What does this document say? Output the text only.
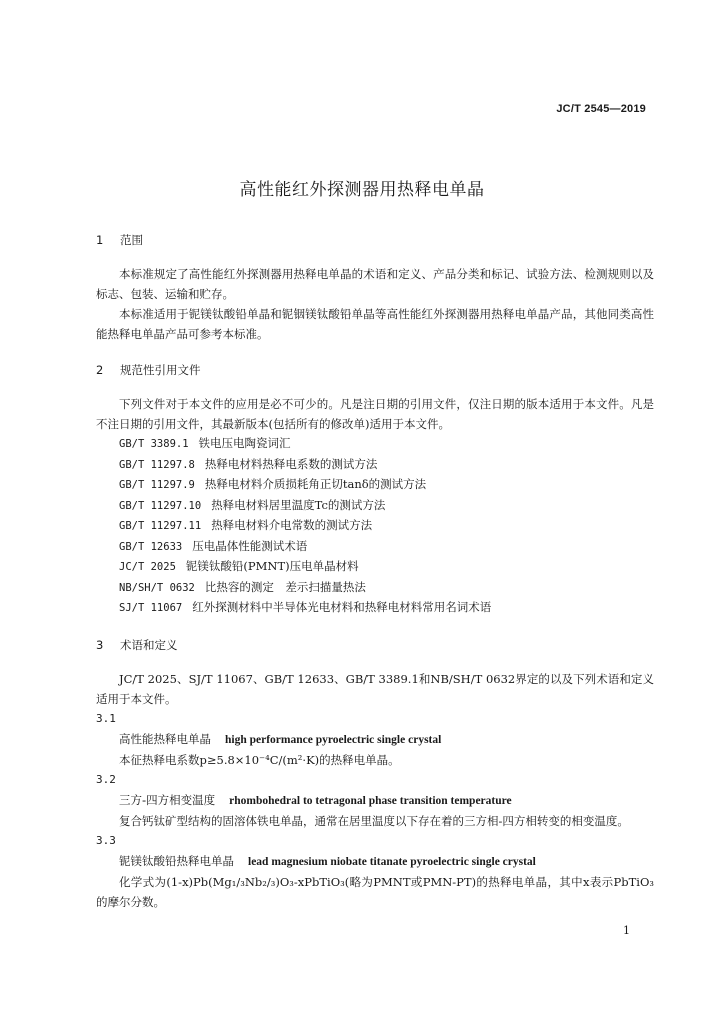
JC/T 2545—2019
高性能红外探测器用热释电单晶

1 范围

本标准规定了高性能红外探测器用热释电单晶的术语和定义、产品分类和标记、试验方法、检测规则以及标志、包装、运输和贮存。

本标准适用于铌镁钛酸铅单晶和铌铟镁钛酸铅单晶等高性能红外探测器用热释电单晶产品，其他同类高性能热释电单晶产品可参考本标准。

2 规范性引用文件

下列文件对于本文件的应用是必不可少的。凡是注日期的引用文件，仅注日期的版本适用于本文件。凡是不注日期的引用文件，其最新版本(包括所有的修改单)适用于本文件。

GB/T 3389.1 铁电压电陶瓷词汇

GB/T 11297.8 热释电材料热释电系数的测试方法

GB/T 11297.9 热释电材料介质损耗角正切tanδ的测试方法

GB/T 11297.10 热释电材料居里温度Tc的测试方法

GB/T 11297.11 热释电材料介电常数的测试方法

GB/T 12633 压电晶体性能测试术语

JC/T 2025 铌镁钛酸铅(PMNT)压电单晶材料

NB/SH/T 0632 比热容的测定　差示扫描量热法

SJ/T 11067 红外探测材料中半导体光电材料和热释电材料常用名词术语

3 术语和定义

JC/T 2025、SJ/T 11067、GB/T 12633、GB/T 3389.1和NB/SH/T 0632界定的以及下列术语和定义适用于本文件。

3.1

高性能热释电单晶 high performance pyroelectric single crystal

本征热释电系数p≥5.8×10⁻⁴C/(m²·K)的热释电单晶。

3.2

三方-四方相变温度 rhombohedral to tetragonal phase transition temperature

复合钙钛矿型结构的固溶体铁电单晶，通常在居里温度以下存在着的三方相-四方相转变的相变温度。

3.3

铌镁钛酸铅热释电单晶 lead magnesium niobate titanate pyroelectric single crystal

化学式为(1-x)Pb(Mg₁/₃Nb₂/₃)O₃-xPbTiO₃(略为PMNT或PMN-PT)的热释电单晶，其中x表示PbTiO₃的摩尔分数。

1
